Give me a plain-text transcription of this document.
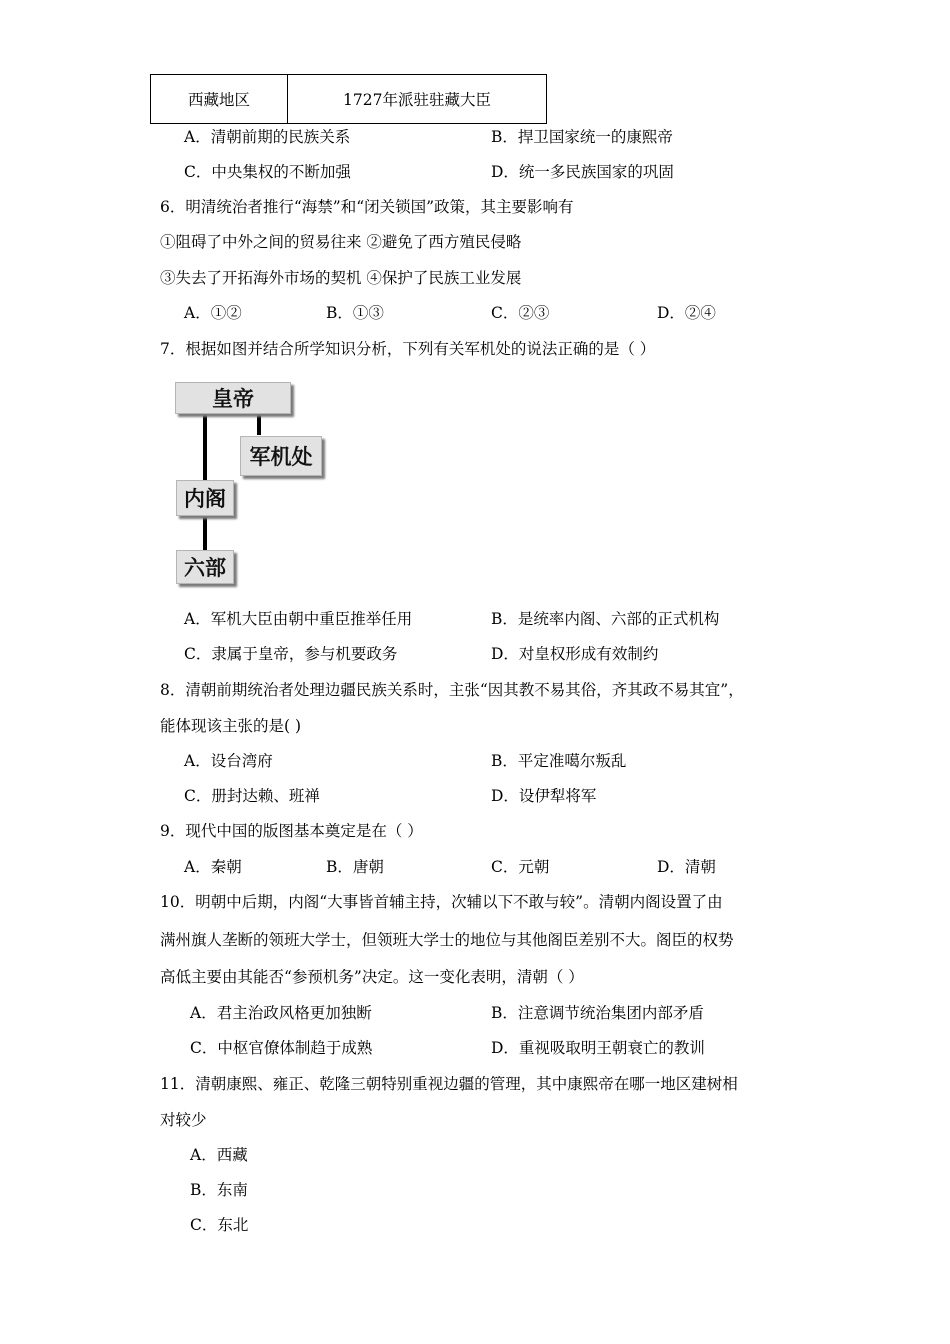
西藏地区	1727年派驻驻藏大臣
A．清朝前期的民族关系	B．捍卫国家统一的康熙帝
C．中央集权的不断加强	D．统一多民族国家的巩固
6．明清统治者推行“海禁”和“闭关锁国”政策，其主要影响有
①阻碍了中外之间的贸易往来 ②避免了西方殖民侵略
③失去了开拓海外市场的契机 ④保护了民族工业发展
A．①②	B．①③	C．②③	D．②④
7．根据如图并结合所学知识分析，下列有关军机处的说法正确的是（ ）
皇帝
军机处
内阁
六部
A．军机大臣由朝中重臣推举任用	B．是统率内阁、六部的正式机构
C．隶属于皇帝，参与机要政务	D．对皇权形成有效制约
8．清朝前期统治者处理边疆民族关系时，主张“因其教不易其俗，齐其政不易其宜”，
能体现该主张的是( )
A．设台湾府	B．平定准噶尔叛乱
C．册封达赖、班禅	D．设伊犁将军
9．现代中国的版图基本奠定是在（ ）
A．秦朝	B．唐朝	C．元朝	D．清朝
10．明朝中后期，内阁“大事皆首辅主持，次辅以下不敢与较”。清朝内阁设置了由
满州旗人垄断的领班大学士，但领班大学士的地位与其他阁臣差别不大。阁臣的权势
高低主要由其能否“参预机务”决定。这一变化表明，清朝（ ）
A．君主治政风格更加独断	B．注意调节统治集团内部矛盾
C．中枢官僚体制趋于成熟	D．重视吸取明王朝衰亡的教训
11．清朝康熙、雍正、乾隆三朝特别重视边疆的管理，其中康熙帝在哪一地区建树相
对较少
A．西藏
B．东南
C．东北
